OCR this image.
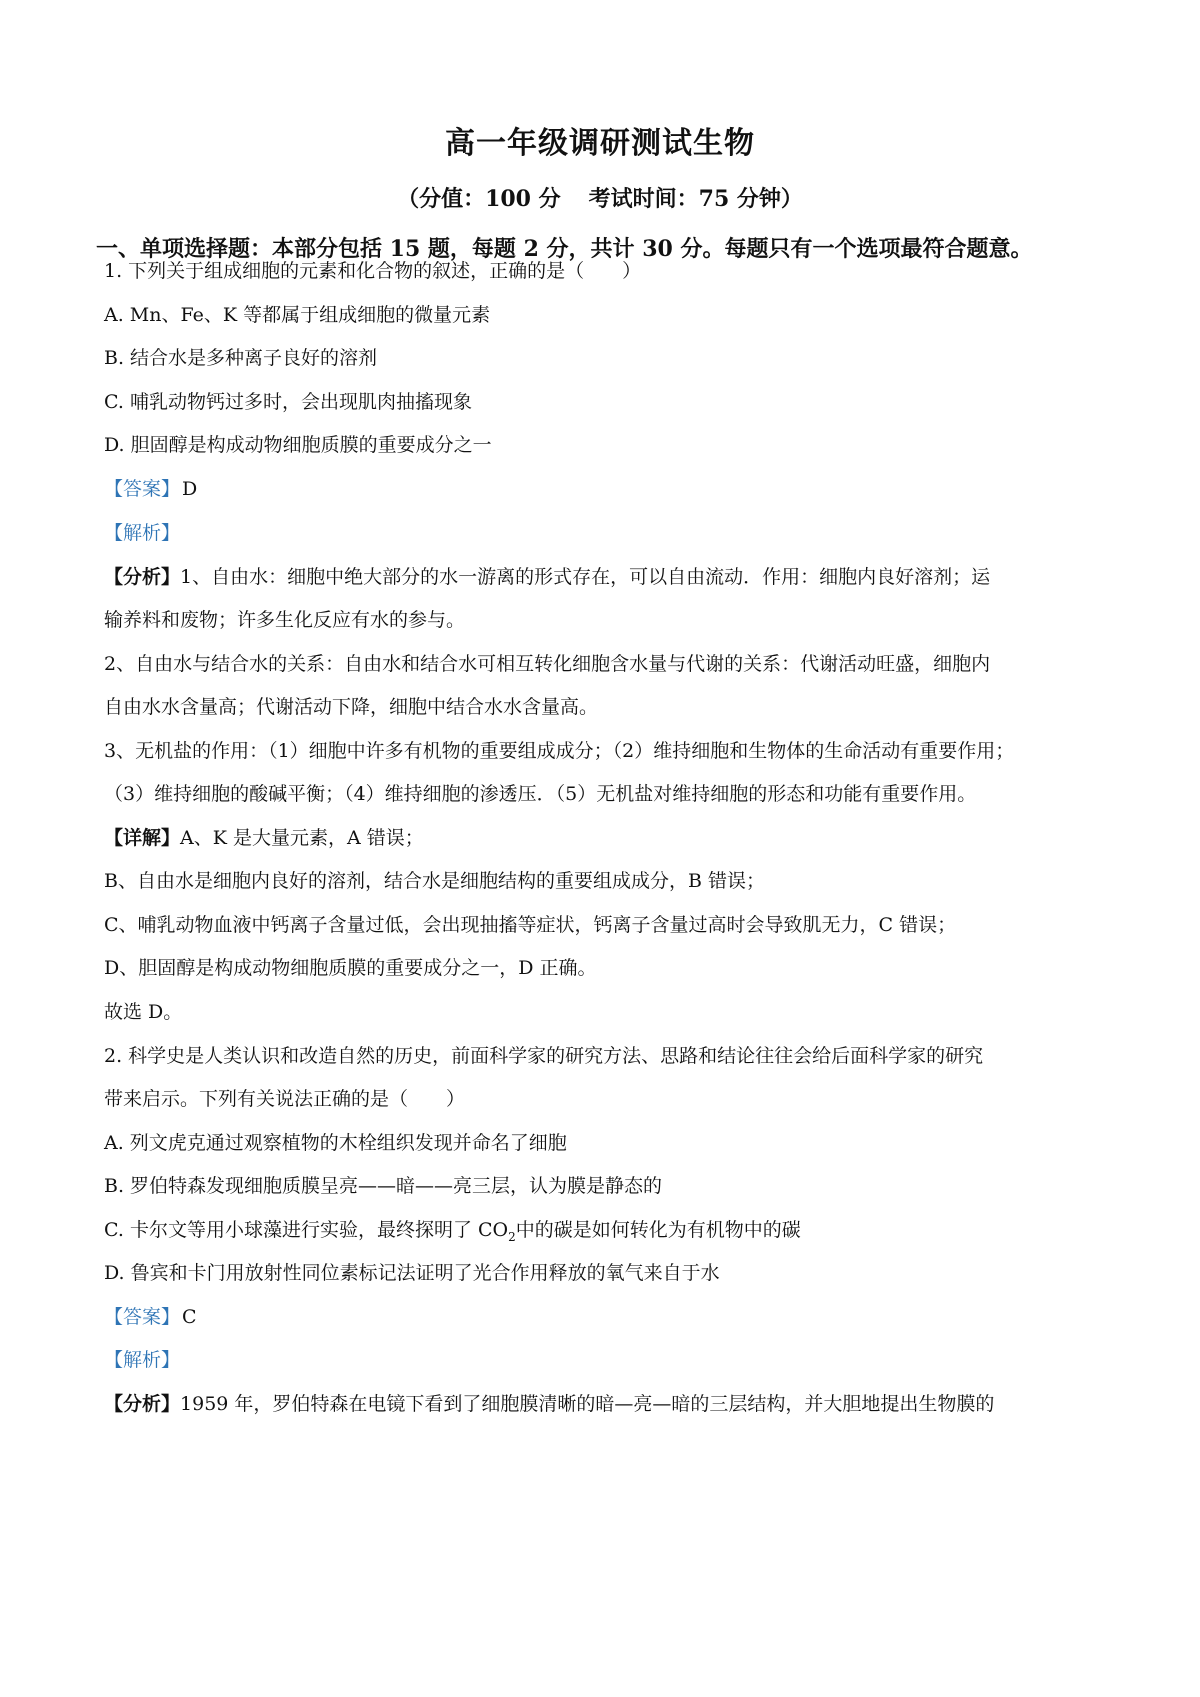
高一年级调研测试生物
（分值：100 分 考试时间：75 分钟）
一、单项选择题：本部分包括 15 题，每题 2 分，共计 30 分。每题只有一个选项最符合题意。
1. 下列关于组成细胞的元素和化合物的叙述，正确的是（　　）
A. Mn、Fe、K 等都属于组成细胞的微量元素
B. 结合水是多种离子良好的溶剂
C. 哺乳动物钙过多时，会出现肌肉抽搐现象
D. 胆固醇是构成动物细胞质膜的重要成分之一
【答案】 D
【解析】
【分析】1、自由水：细胞中绝大部分的水一游离的形式存在，可以自由流动．作用：细胞内良好溶剂；运
输养料和废物；许多生化反应有水的参与。
2、自由水与结合水的关系：自由水和结合水可相互转化细胞含水量与代谢的关系：代谢活动旺盛，细胞内
自由水水含量高；代谢活动下降，细胞中结合水水含量高。
3、无机盐的作用：（1）细胞中许多有机物的重要组成成分；（2）维持细胞和生物体的生命活动有重要作用；
（3）维持细胞的酸碱平衡；（4）维持细胞的渗透压．（5）无机盐对维持细胞的形态和功能有重要作用。
【详解】A、K 是大量元素，A 错误；
B、自由水是细胞内良好的溶剂，结合水是细胞结构的重要组成成分，B 错误；
C、哺乳动物血液中钙离子含量过低，会出现抽搐等症状，钙离子含量过高时会导致肌无力，C 错误；
D、胆固醇是构成动物细胞质膜的重要成分之一，D 正确。
故选 D。
2. 科学史是人类认识和改造自然的历史，前面科学家的研究方法、思路和结论往往会给后面科学家的研究
带来启示。下列有关说法正确的是（　　）
A. 列文虎克通过观察植物的木栓组织发现并命名了细胞
B. 罗伯特森发现细胞质膜呈亮——暗——亮三层，认为膜是静态的
C. 卡尔文等用小球藻进行实验，最终探明了 $CO_2$中的碳是如何转化为有机物中的碳
D. 鲁宾和卡门用放射性同位素标记法证明了光合作用释放的氧气来自于水
【答案】 C
【解析】
【分析】1959 年，罗伯特森在电镜下看到了细胞膜清晰的暗—亮—暗的三层结构，并大胆地提出生物膜的
